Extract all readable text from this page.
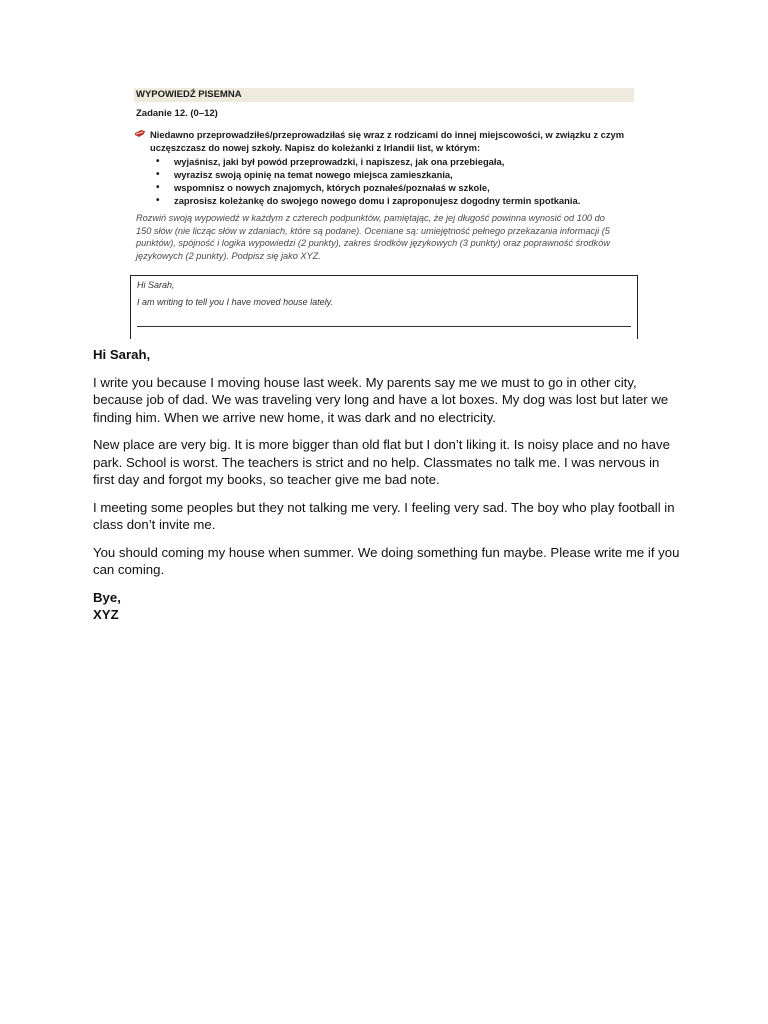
WYPOWIEDŹ PISEMNA
Zadanie 12. (0–12)
Niedawno przeprowadziłeś/przeprowadziłaś się wraz z rodzicami do innej miejscowości, w związku z czym uczęszczasz do nowej szkoły. Napisz do koleżanki z Irlandii list, w którym:
• wyjaśnisz, jaki był powód przeprowadzki, i napiszesz, jak ona przebiegała,
• wyrazisz swoją opinię na temat nowego miejsca zamieszkania,
• wspomnisz o nowych znajomych, których poznałeś/poznałaś w szkole,
• zaprosisz koleżankę do swojego nowego domu i zaproponujesz dogodny termin spotkania.
Rozwiń swoją wypowiedź w każdym z czterech podpunktów, pamiętając, że jej długość powinna wynosić od 100 do 150 słów (nie licząc słów w zdaniach, które są podane). Oceniane są: umiejętność pełnego przekazania informacji (5 punktów), spójność i logika wypowiedzi (2 punkty), zakres środków językowych (3 punkty) oraz poprawność środków językowych (2 punkty). Podpisz się jako XYZ.
Hi Sarah,
I am writing to tell you I have moved house lately.

Hi Sarah,

I write you because I moving house last week. My parents say me we must to go in other city, because job of dad. We was traveling very long and have a lot boxes. My dog was lost but later we finding him. When we arrive new home, it was dark and no electricity.

New place are very big. It is more bigger than old flat but I don’t liking it. Is noisy place and no have park. School is worst. The teachers is strict and no help. Classmates no talk me. I was nervous in first day and forgot my books, so teacher give me bad note.

I meeting some peoples but they not talking me very. I feeling very sad. The boy who play football in class don’t invite me.

You should coming my house when summer. We doing something fun maybe. Please write me if you can coming.

Bye,

XYZ
